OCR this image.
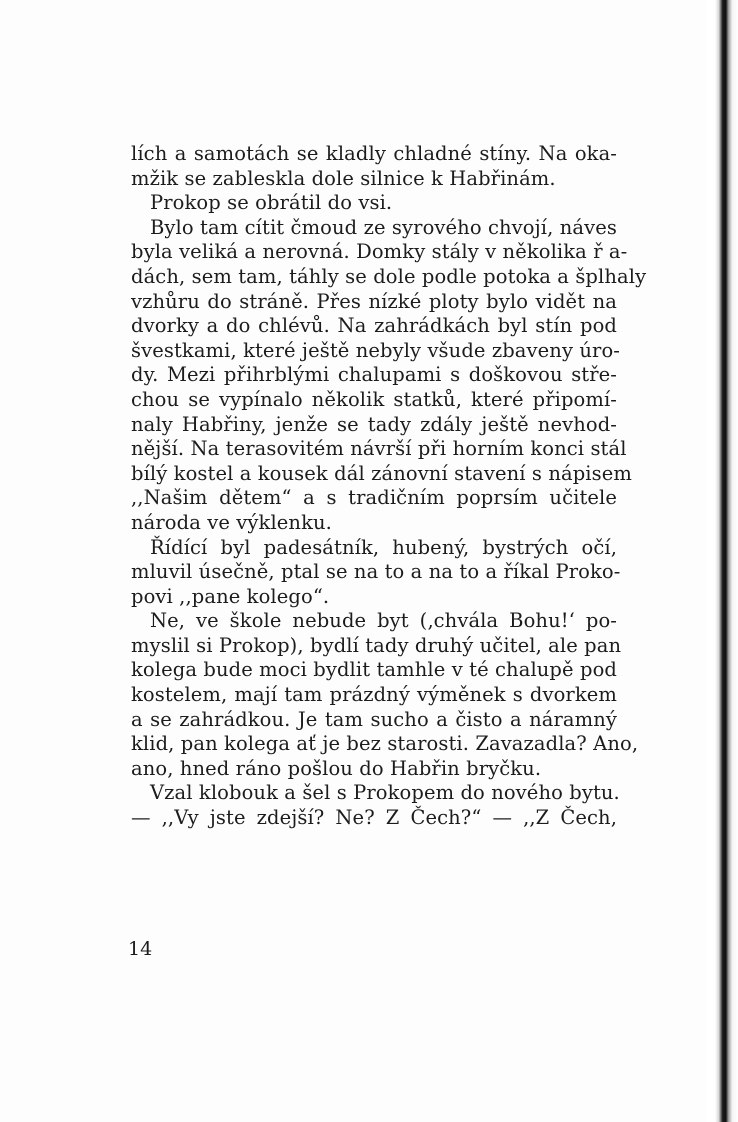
lích a samotách se kladly chladné stíny. Na oka-
mžik se zableskla dole silnice k Habřinám.
Prokop se obrátil do vsi.
Bylo tam cítit čmoud ze syrového chvojí, náves
byla veliká a nerovná. Domky stály v několika ř a-
dách, sem tam, táhly se dole podle potoka a šplhaly
vzhůru do stráně. Přes nízké ploty bylo vidět na
dvorky a do chlévů. Na zahrádkách byl stín pod
švestkami, které ještě nebyly všude zbaveny úro-
dy. Mezi přihrblými chalupami s doškovou stře-
chou se vypínalo několik statků, které připomí-
naly Habřiny, jenže se tady zdály ještě nevhod-
nější. Na terasovitém návrší při horním konci stál
bílý kostel a kousek dál zánovní stavení s nápisem
,,Našim dětem“ a s tradičním poprsím učitele
národa ve výklenku.
Řídící byl padesátník, hubený, bystrých očí,
mluvil úsečně, ptal se na to a na to a říkal Proko-
povi ,,pane kolego“.
Ne, ve škole nebude byt (‚chvála Bohu!‘ po-
myslil si Prokop), bydlí tady druhý učitel, ale pan
kolega bude moci bydlit tamhle v té chalupě pod
kostelem, mají tam prázdný výměnek s dvorkem
a se zahrádkou. Je tam sucho a čisto a náramný
klid, pan kolega ať je bez starosti. Zavazadla? Ano,
ano, hned ráno pošlou do Habřin bryčku.
Vzal klobouk a šel s Prokopem do nového bytu.
— ,,Vy jste zdejší? Ne? Z Čech?“ — ,,Z Čech,
14
